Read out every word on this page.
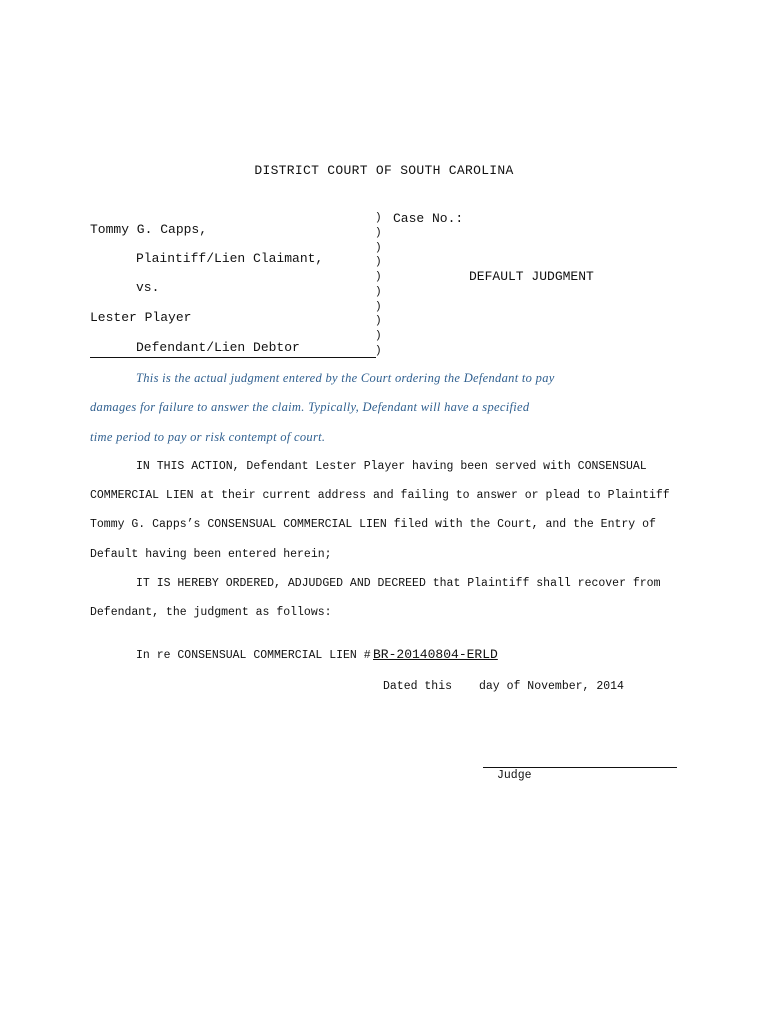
DISTRICT COURT OF SOUTH CAROLINA
Tommy G. Capps,
Plaintiff/Lien Claimant,
vs.
Lester Player
Defendant/Lien Debtor
)
)
)
)
)
)
)
)
)
)
Case No.:
DEFAULT JUDGMENT
This is the actual judgment entered by the Court ordering the Defendant to pay
damages for failure to answer the claim. Typically, Defendant will have a specified
time period to pay or risk contempt of court.
IN THIS ACTION, Defendant Lester Player having been served with CONSENSUAL
COMMERCIAL LIEN at their current address and failing to answer or plead to Plaintiff
Tommy G. Capps’s CONSENSUAL COMMERCIAL LIEN filed with the Court, and the Entry of
Default having been entered herein;
IT IS HEREBY ORDERED, ADJUDGED AND DECREED that Plaintiff shall recover from
Defendant, the judgment as follows:
In re CONSENSUAL COMMERCIAL LIEN # BR-20140804-ERLD
Dated this day of November, 2014
Judge
